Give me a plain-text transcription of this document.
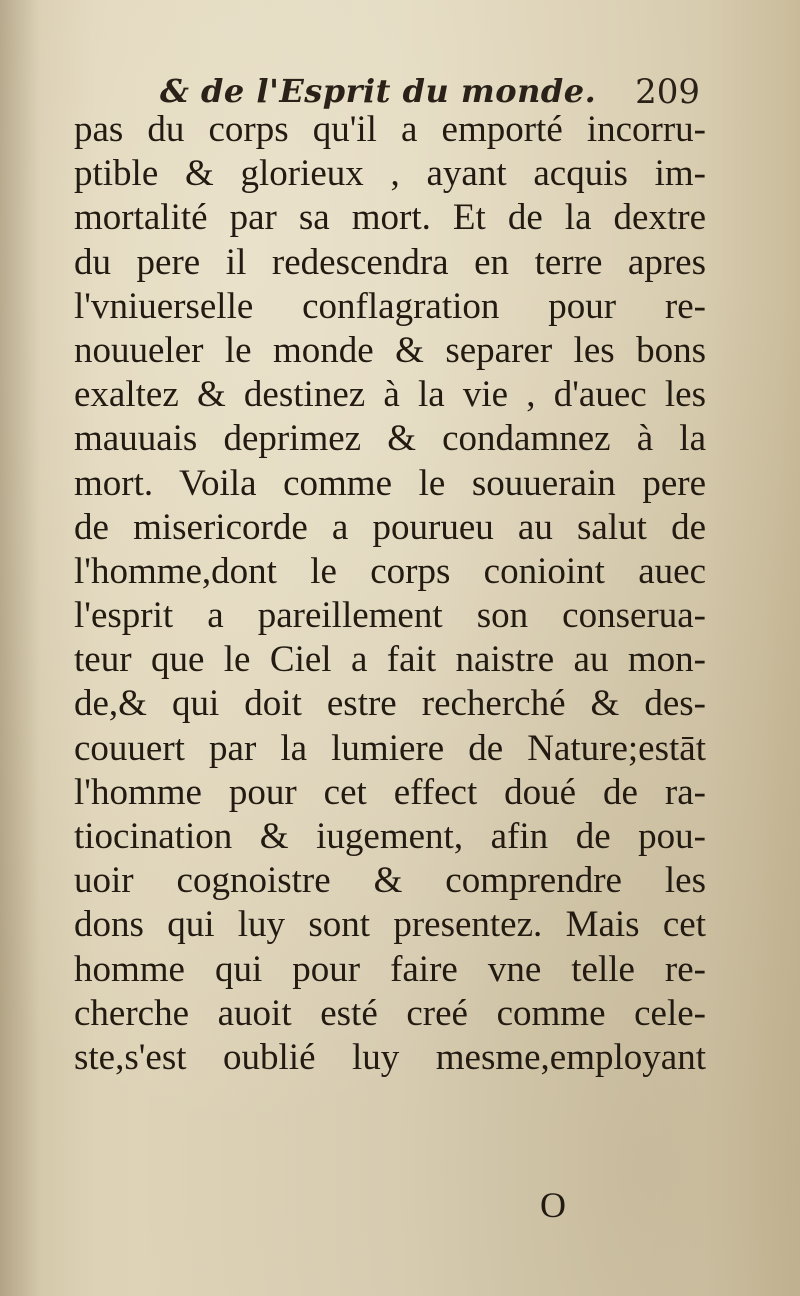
& de l'Esprit du monde. 209
pas du corps qu'il a emporté incorru-
ptible & glorieux , ayant acquis im-
mortalité par sa mort. Et de la dextre
du pere il redescendra en terre apres
l'vniuerselle conflagration pour re-
nouueler le monde & separer les bons
exaltez & destinez à la vie , d'auec les
mauuais deprimez & condamnez à la
mort. Voila comme le souuerain pere
de misericorde a pourueu au salut de
l'homme,dont le corps conioint auec
l'esprit a pareillement son conserua-
teur que le Ciel a fait naistre au mon-
de,& qui doit estre recherché & des-
couuert par la lumiere de Nature;estāt
l'homme pour cet effect doué de ra-
tiocination & iugement, afin de pou-
uoir cognoistre & comprendre les
dons qui luy sont presentez. Mais cet
homme qui pour faire vne telle re-
cherche auoit esté creé comme cele-
ste,s'est oublié luy mesme,employant
O
